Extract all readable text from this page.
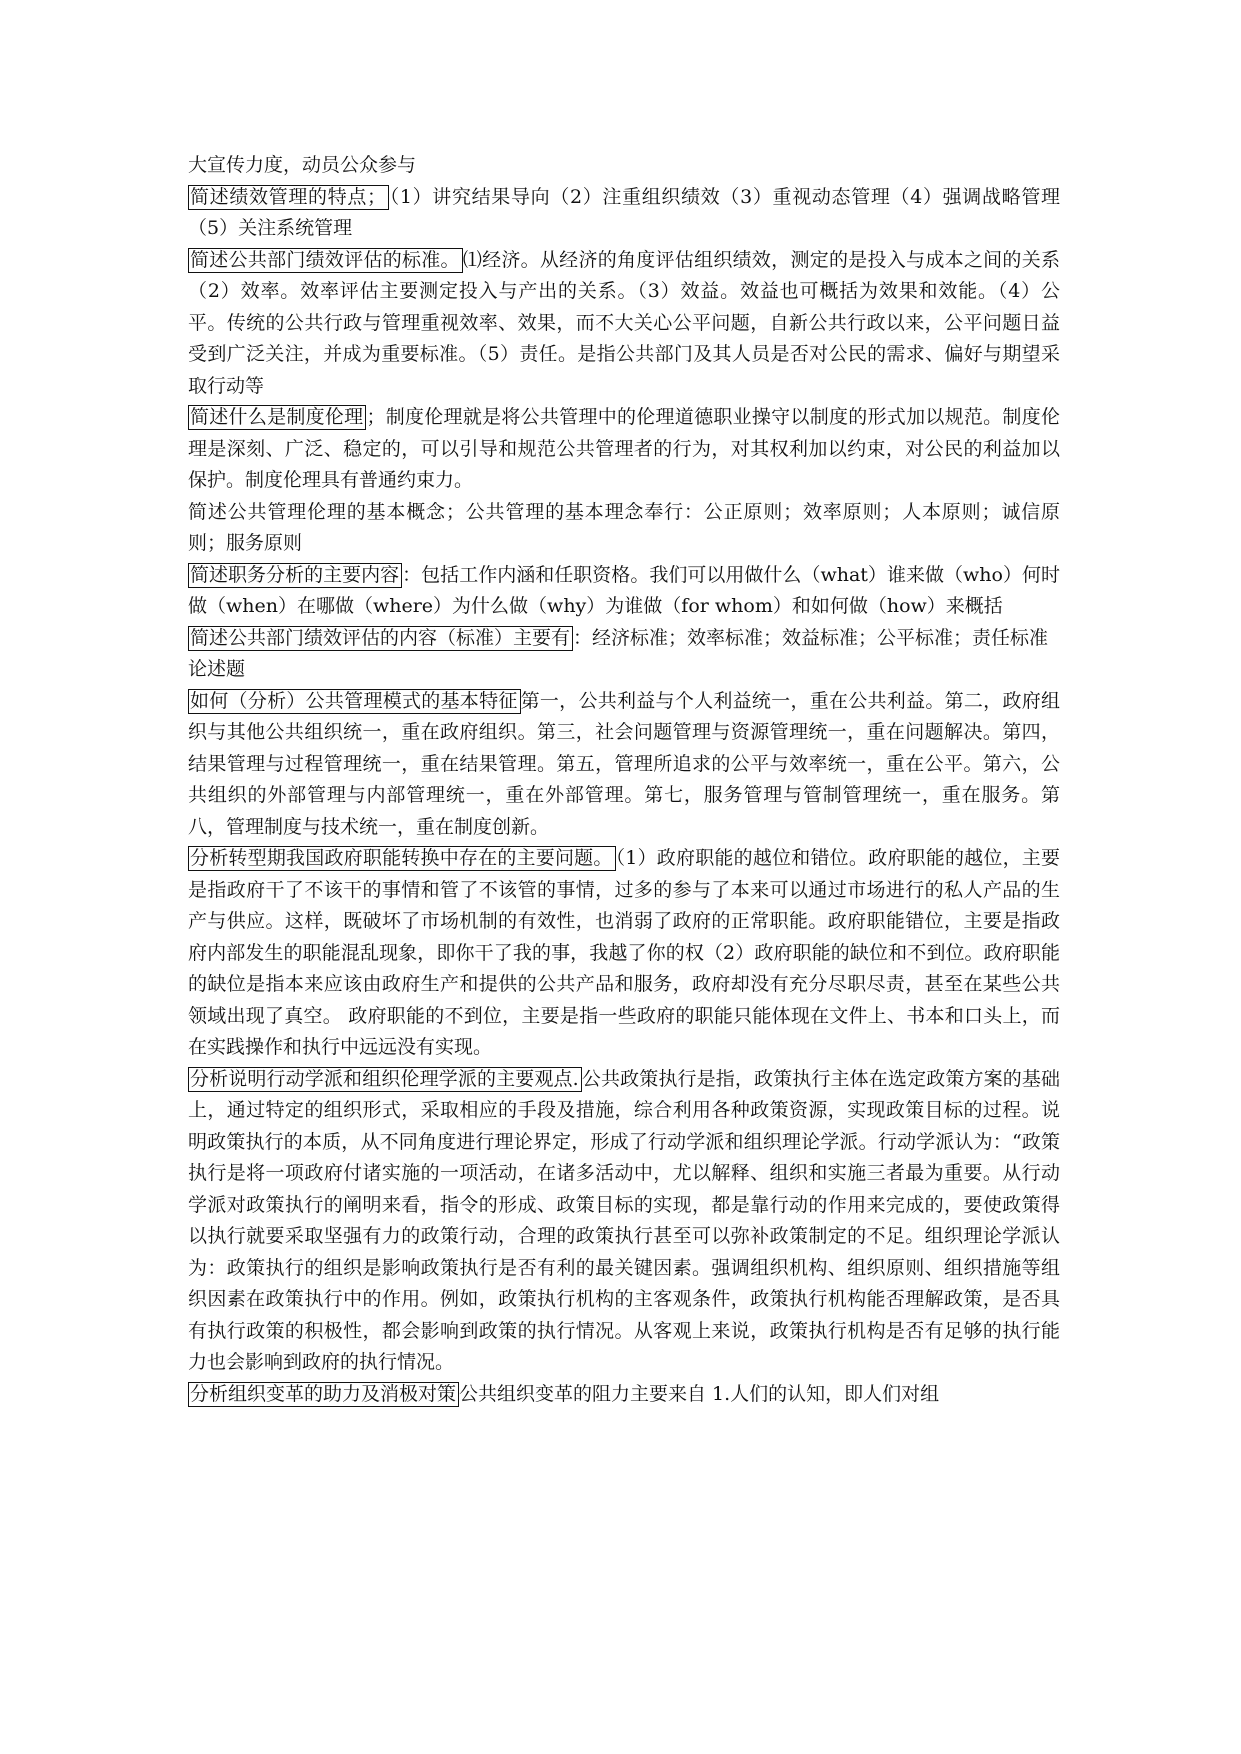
大宣传力度，动员公众参与

简述绩效管理的特点； （1）讲究结果导向（2）注重组织绩效（3）重视动态管理（4）强调战略管理（5）关注系统管理

简述公共部门绩效评估的标准。 ⑴经济。从经济的角度评估组织绩效，测定的是投入与成本之间的关系（2）效率。效率评估主要测定投入与产出的关系。（3）效益。效益也可概括为效果和效能。（4）公平。传统的公共行政与管理重视效率、效果，而不大关心公平问题，自新公共行政以来，公平问题日益受到广泛关注，并成为重要标准。（5）责任。是指公共部门及其人员是否对公民的需求、偏好与期望采取行动等

简述什么是制度伦理 ；制度伦理就是将公共管理中的伦理道德职业操守以制度的形式加以规范。制度伦理是深刻、广泛、稳定的，可以引导和规范公共管理者的行为，对其权利加以约束，对公民的利益加以保护。制度伦理具有普通约束力。

简述公共管理伦理的基本概念；公共管理的基本理念奉行：公正原则；效率原则；人本原则；诚信原则；服务原则

简述职务分析的主要内容 ：包括工作内涵和任职资格。我们可以用做什么（what）谁来做（who）何时做（when）在哪做（where）为什么做（why）为谁做（for whom）和如何做（how）来概括

简述公共部门绩效评估的内容（标准）主要有 ：经济标准；效率标准；效益标准；公平标准；责任标准

论述题

如何（分析）公共管理模式的基本特征 第一，公共利益与个人利益统一，重在公共利益。第二，政府组织与其他公共组织统一，重在政府组织。第三，社会问题管理与资源管理统一，重在问题解决。第四，结果管理与过程管理统一，重在结果管理。第五，管理所追求的公平与效率统一，重在公平。第六，公共组织的外部管理与内部管理统一，重在外部管理。第七，服务管理与管制管理统一，重在服务。第八，管理制度与技术统一，重在制度创新。

分析转型期我国政府职能转换中存在的主要问题。 （1）政府职能的越位和错位。政府职能的越位，主要是指政府干了不该干的事情和管了不该管的事情，过多的参与了本来可以通过市场进行的私人产品的生产与供应。这样，既破坏了市场机制的有效性，也消弱了政府的正常职能。政府职能错位，主要是指政府内部发生的职能混乱现象，即你干了我的事，我越了你的权（2）政府职能的缺位和不到位。政府职能的缺位是指本来应该由政府生产和提供的公共产品和服务，政府却没有充分尽职尽责，甚至在某些公共领域出现了真空。 政府职能的不到位，主要是指一些政府的职能只能体现在文件上、书本和口头上，而在实践操作和执行中远远没有实现。

分析说明行动学派和组织伦理学派的主要观点. 公共政策执行是指，政策执行主体在选定政策方案的基础上，通过特定的组织形式，采取相应的手段及措施，综合利用各种政策资源，实现政策目标的过程。说明政策执行的本质，从不同角度进行理论界定，形成了行动学派和组织理论学派。行动学派认为：“政策执行是将一项政府付诸实施的一项活动，在诸多活动中，尤以解释、组织和实施三者最为重要。从行动学派对政策执行的阐明来看，指令的形成、政策目标的实现，都是靠行动的作用来完成的，要使政策得以执行就要采取坚强有力的政策行动，合理的政策执行甚至可以弥补政策制定的不足。组织理论学派认为：政策执行的组织是影响政策执行是否有利的最关键因素。强调组织机构、组织原则、组织措施等组织因素在政策执行中的作用。例如，政策执行机构的主客观条件，政策执行机构能否理解政策，是否具有执行政策的积极性，都会影响到政策的执行情况。从客观上来说，政策执行机构是否有足够的执行能力也会影响到政府的执行情况。

分析组织变革的助力及消极对策 公共组织变革的阻力主要来自 1.人们的认知，即人们对组
